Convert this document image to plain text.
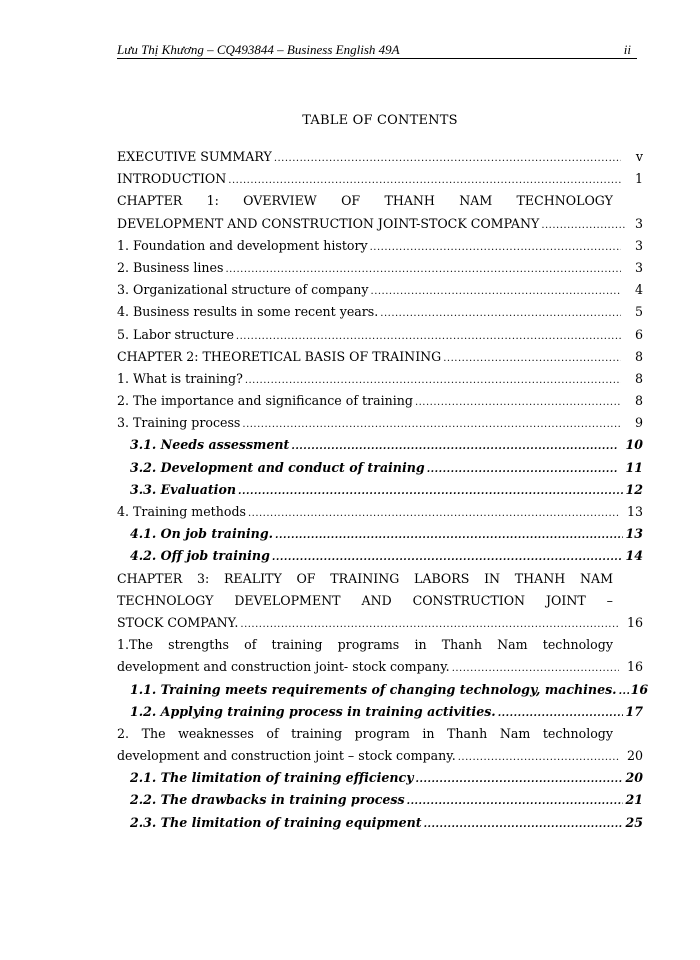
Lưu Thị Khương – CQ493844 – Business English 49A	ii
TABLE OF CONTENTS
EXECUTIVE SUMMARY .....	v
INTRODUCTION .....	1
CHAPTER 1: OVERVIEW OF THANH NAM TECHNOLOGY
DEVELOPMENT AND CONSTRUCTION JOINT-STOCK COMPANY .....	3
1. Foundation and development history .....	3
2. Business lines .....	3
3. Organizational structure of company .....	4
4. Business results in some recent years. .....	5
5. Labor structure .....	6
CHAPTER 2: THEORETICAL BASIS OF TRAINING .....	8
1. What is training? .....	8
2. The importance and significance of training .....	8
3. Training process .....	9
3.1. Needs assessment .....	10
3.2. Development and conduct of training .....	11
3.3. Evaluation .....	12
4. Training methods .....	13
4.1. On job training. .....	13
4.2. Off job training .....	14
CHAPTER 3: REALITY OF TRAINING LABORS IN THANH NAM
TECHNOLOGY DEVELOPMENT AND CONSTRUCTION JOINT –
STOCK COMPANY. .....	16
1.The strengths of training programs in Thanh Nam technology
development and construction joint- stock company. .....	16
1.1. Training meets requirements of changing technology, machines. ..... 16
1.2. Applying training process in training activities. .....	17
2. The weaknesses of training program in Thanh Nam technology
development and construction joint – stock company. .....	20
2.1. The limitation of training efficiency .....	20
2.2. The drawbacks in training process .....	21
2.3. The limitation of training equipment .....	25
